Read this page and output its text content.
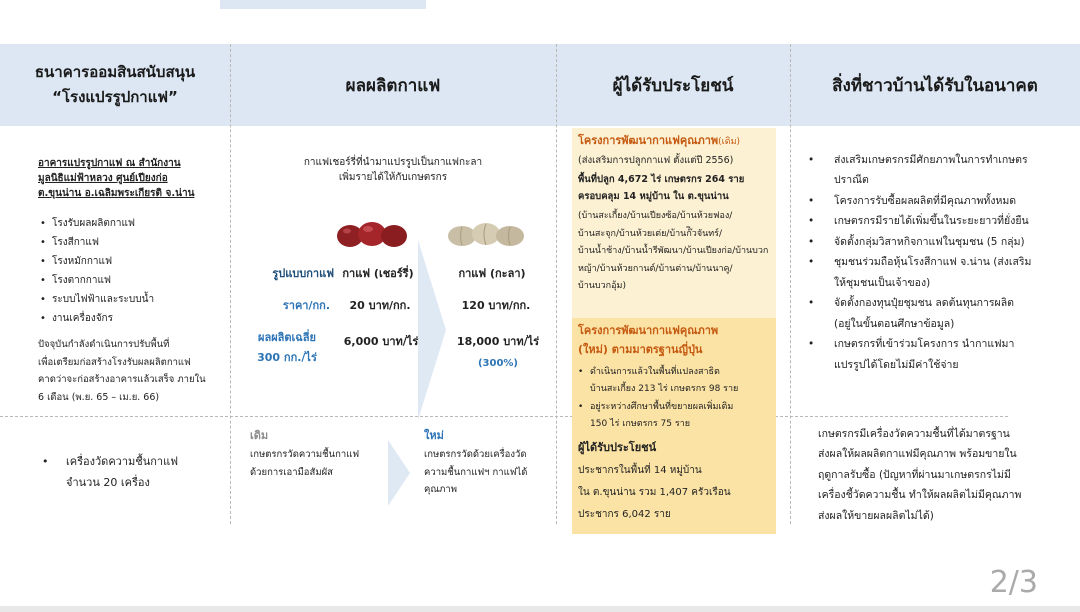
ธนาคารออมสินสนับสนุน
“โรงแปรรูปกาแฟ”
ผลผลิตกาแฟ	ผู้ได้รับประโยชน์	สิ่งที่ชาวบ้านได้รับในอนาคต
อาคารแปรรูปกาแฟ ณ สำนักงาน
มูลนิธิแม่ฟ้าหลวง ศูนย์เปียงก่อ
ต.ขุนน่าน อ.เฉลิมพระเกียรติ จ.น่าน
• โรงรับผลผลิตกาแฟ
• โรงสีกาแฟ
• โรงหมักกาแฟ
• โรงตากกาแฟ
• ระบบไฟฟ้าและระบบน้ำ
• งานเครื่องจักร
ปัจจุบันกำลังดำเนินการปรับพื้นที่
เพื่อเตรียมก่อสร้างโรงรับผลผลิตกาแฟ
คาดว่าจะก่อสร้างอาคารแล้วเสร็จ ภายใน
6 เดือน (พ.ย. 65 – เม.ย. 66)
• เครื่องวัดความชื้นกาแฟ
จำนวน 20 เครื่อง
กาแฟเชอร์รี่ที่นำมาแปรรูปเป็นกาแฟกะลา
เพิ่มรายได้ให้กับเกษตรกร
รูปแบบกาแฟ กาแฟ (เชอร์รี่)	กาแฟ (กะลา)
ราคา/กก.	20 บาท/กก.	120 บาท/กก.
ผลผลิตเฉลี่ย
300 กก./ไร่
6,000 บาท/ไร่	18,000 บาท/ไร่
(300%)
เดิม
เกษตรกรวัดความชื้นกาแฟ
ด้วยการเอามือสัมผัส
ใหม่
เกษตรกรวัดด้วยเครื่องวัด
ความชื้นกาแฟฯ กาแฟได้
คุณภาพ
โครงการพัฒนากาแฟคุณภาพ(เดิม)
(ส่งเสริมการปลูกกาแฟ ตั้งแต่ปี 2556)
พื้นที่ปลูก 4,672 ไร่ เกษตรกร 264 ราย
ครอบคลุม 14 หมู่บ้าน ใน ต.ขุนน่าน
(บ้านสะเกี้ยง/บ้านเปียงซ้อ/บ้านห้วยฟอง/
บ้านสะจุก/บ้านห้วยเต่ย/บ้านก๊ิวจันทร์/
บ้านน้ำช้าง/บ้านน้ำรีพัฒนา/บ้านเปียงก่อ/บ้านบวก
หญ้า/บ้านห้วยกานต์/บ้านต่าน/บ้านนาคู/
บ้านบวกอุ้ม)
โครงการพัฒนากาแฟคุณภาพ
(ใหม่) ตามมาตรฐานญี่ปุ่น
• ดำเนินการแล้วในพื้นที่แปลงสาธิต
บ้านสะเกี้ยง 213 ไร่ เกษตรกร 98 ราย
• อยู่ระหว่างศึกษาพื้นที่ขยายผลเพิ่มเติม
150 ไร่ เกษตรกร 75 ราย
ผู้ได้รับประโยชน์
ประชากรในพื้นที่ 14 หมู่บ้าน
ใน ต.ขุนน่าน รวม 1,407 ครัวเรือน
ประชากร 6,042 ราย
• ส่งเสริมเกษตรกรมีศักยภาพในการทำเกษตร
ปราณีต
• โครงการรับซื้อผลผลิตที่มีคุณภาพทั้งหมด
• เกษตรกรมีรายได้เพิ่มขึ้นในระยะยาวที่ยั่งยืน
• จัดตั้งกลุ่มวิสาหกิจกาแฟในชุมชน (5 กลุ่ม)
• ชุมชนร่วมถือหุ้นโรงสีกาแฟ จ.น่าน (ส่งเสริม
ให้ชุมชนเป็นเจ้าของ)
• จัดตั้งกองทุนปุ๋ยชุมชน ลดต้นทุนการผลิต
(อยู่ในขั้นตอนศึกษาข้อมูล)
• เกษตรกรที่เข้าร่วมโครงการ นำกาแฟมา
แปรรูปได้โดยไม่มีค่าใช้จ่าย
เกษตรกรมีเครื่องวัดความชื้นที่ได้มาตรฐาน
ส่งผลให้ผลผลิตกาแฟมีคุณภาพ พร้อมขายใน
ฤดูกาลรับซื้อ (ปัญหาที่ผ่านมาเกษตรกรไม่มี
เครื่องชี้วัดความชื้น ทำให้ผลผลิตไม่มีคุณภาพ
ส่งผลให้ขายผลผลิตไม่ได้)
2/3
